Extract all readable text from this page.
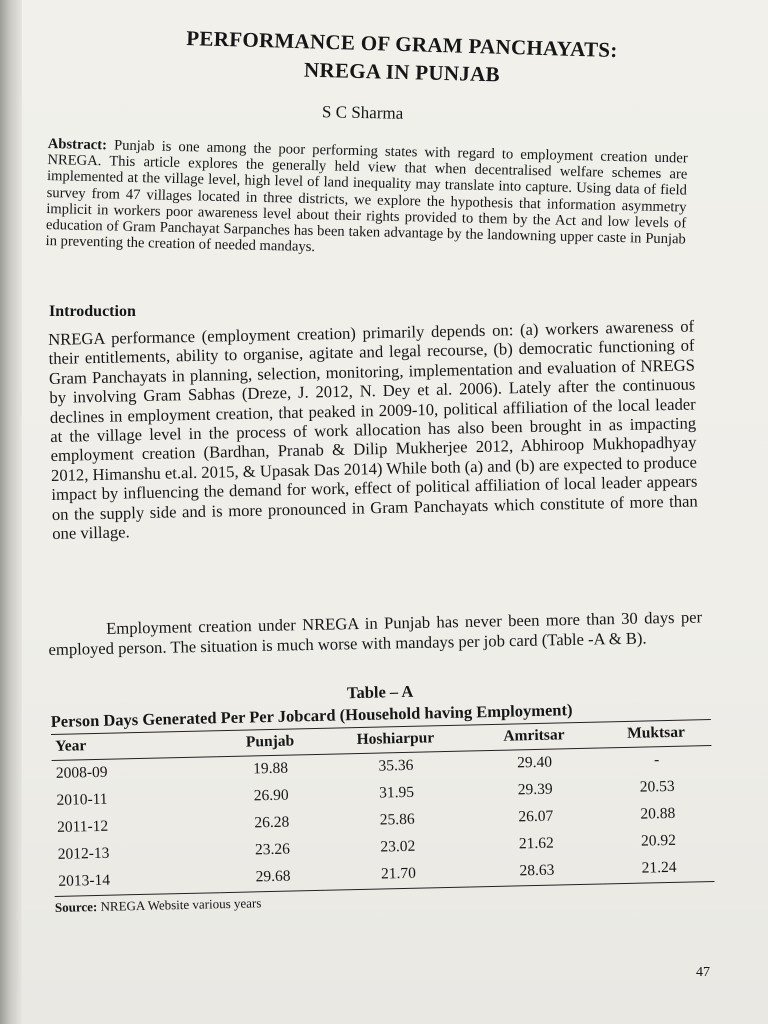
PERFORMANCE OF GRAM PANCHAYATS:
NREGA IN PUNJAB
S C Sharma

Abstract: Punjab is one among the poor performing states with regard to employment creation under NREGA. This article explores the generally held view that when decentralised welfare schemes are implemented at the village level, high level of land inequality may translate into capture. Using data of field survey from 47 villages located in three districts, we explore the hypothesis that information asymmetry implicit in workers poor awareness level about their rights provided to them by the Act and low levels of education of Gram Panchayat Sarpanches has been taken advantage by the landowning upper caste in Punjab in preventing the creation of needed mandays.

Introduction

NREGA performance (employment creation) primarily depends on: (a) workers awareness of their entitlements, ability to organise, agitate and legal recourse, (b) democratic functioning of Gram Panchayats in planning, selection, monitoring, implementation and evaluation of NREGS by involving Gram Sabhas (Dreze, J. 2012, N. Dey et al. 2006). Lately after the continuous declines in employment creation, that peaked in 2009-10, political affiliation of the local leader at the village level in the process of work allocation has also been brought in as impacting employment creation (Bardhan, Pranab & Dilip Mukherjee 2012, Abhiroop Mukhopadhyay 2012, Himanshu et.al. 2015, & Upasak Das 2014) While both (a) and (b) are expected to produce impact by influencing the demand for work, effect of political affiliation of local leader appears on the supply side and is more pronounced in Gram Panchayats which constitute of more than one village.

Employment creation under NREGA in Punjab has never been more than 30 days per employed person. The situation is much worse with mandays per job card (Table -A & B).

Table – A

Person Days Generated Per Per Jobcard (Household having Employment)

Year	Punjab	Hoshiarpur	Amritsar	Muktsar
2008-09	19.88	35.36	29.40	-
2010-11	26.90	31.95	29.39	20.53
2011-12	26.28	25.86	26.07	20.88
2012-13	23.26	23.02	21.62	20.92
2013-14	29.68	21.70	28.63	21.24

Source: NREGA Website various years

47
